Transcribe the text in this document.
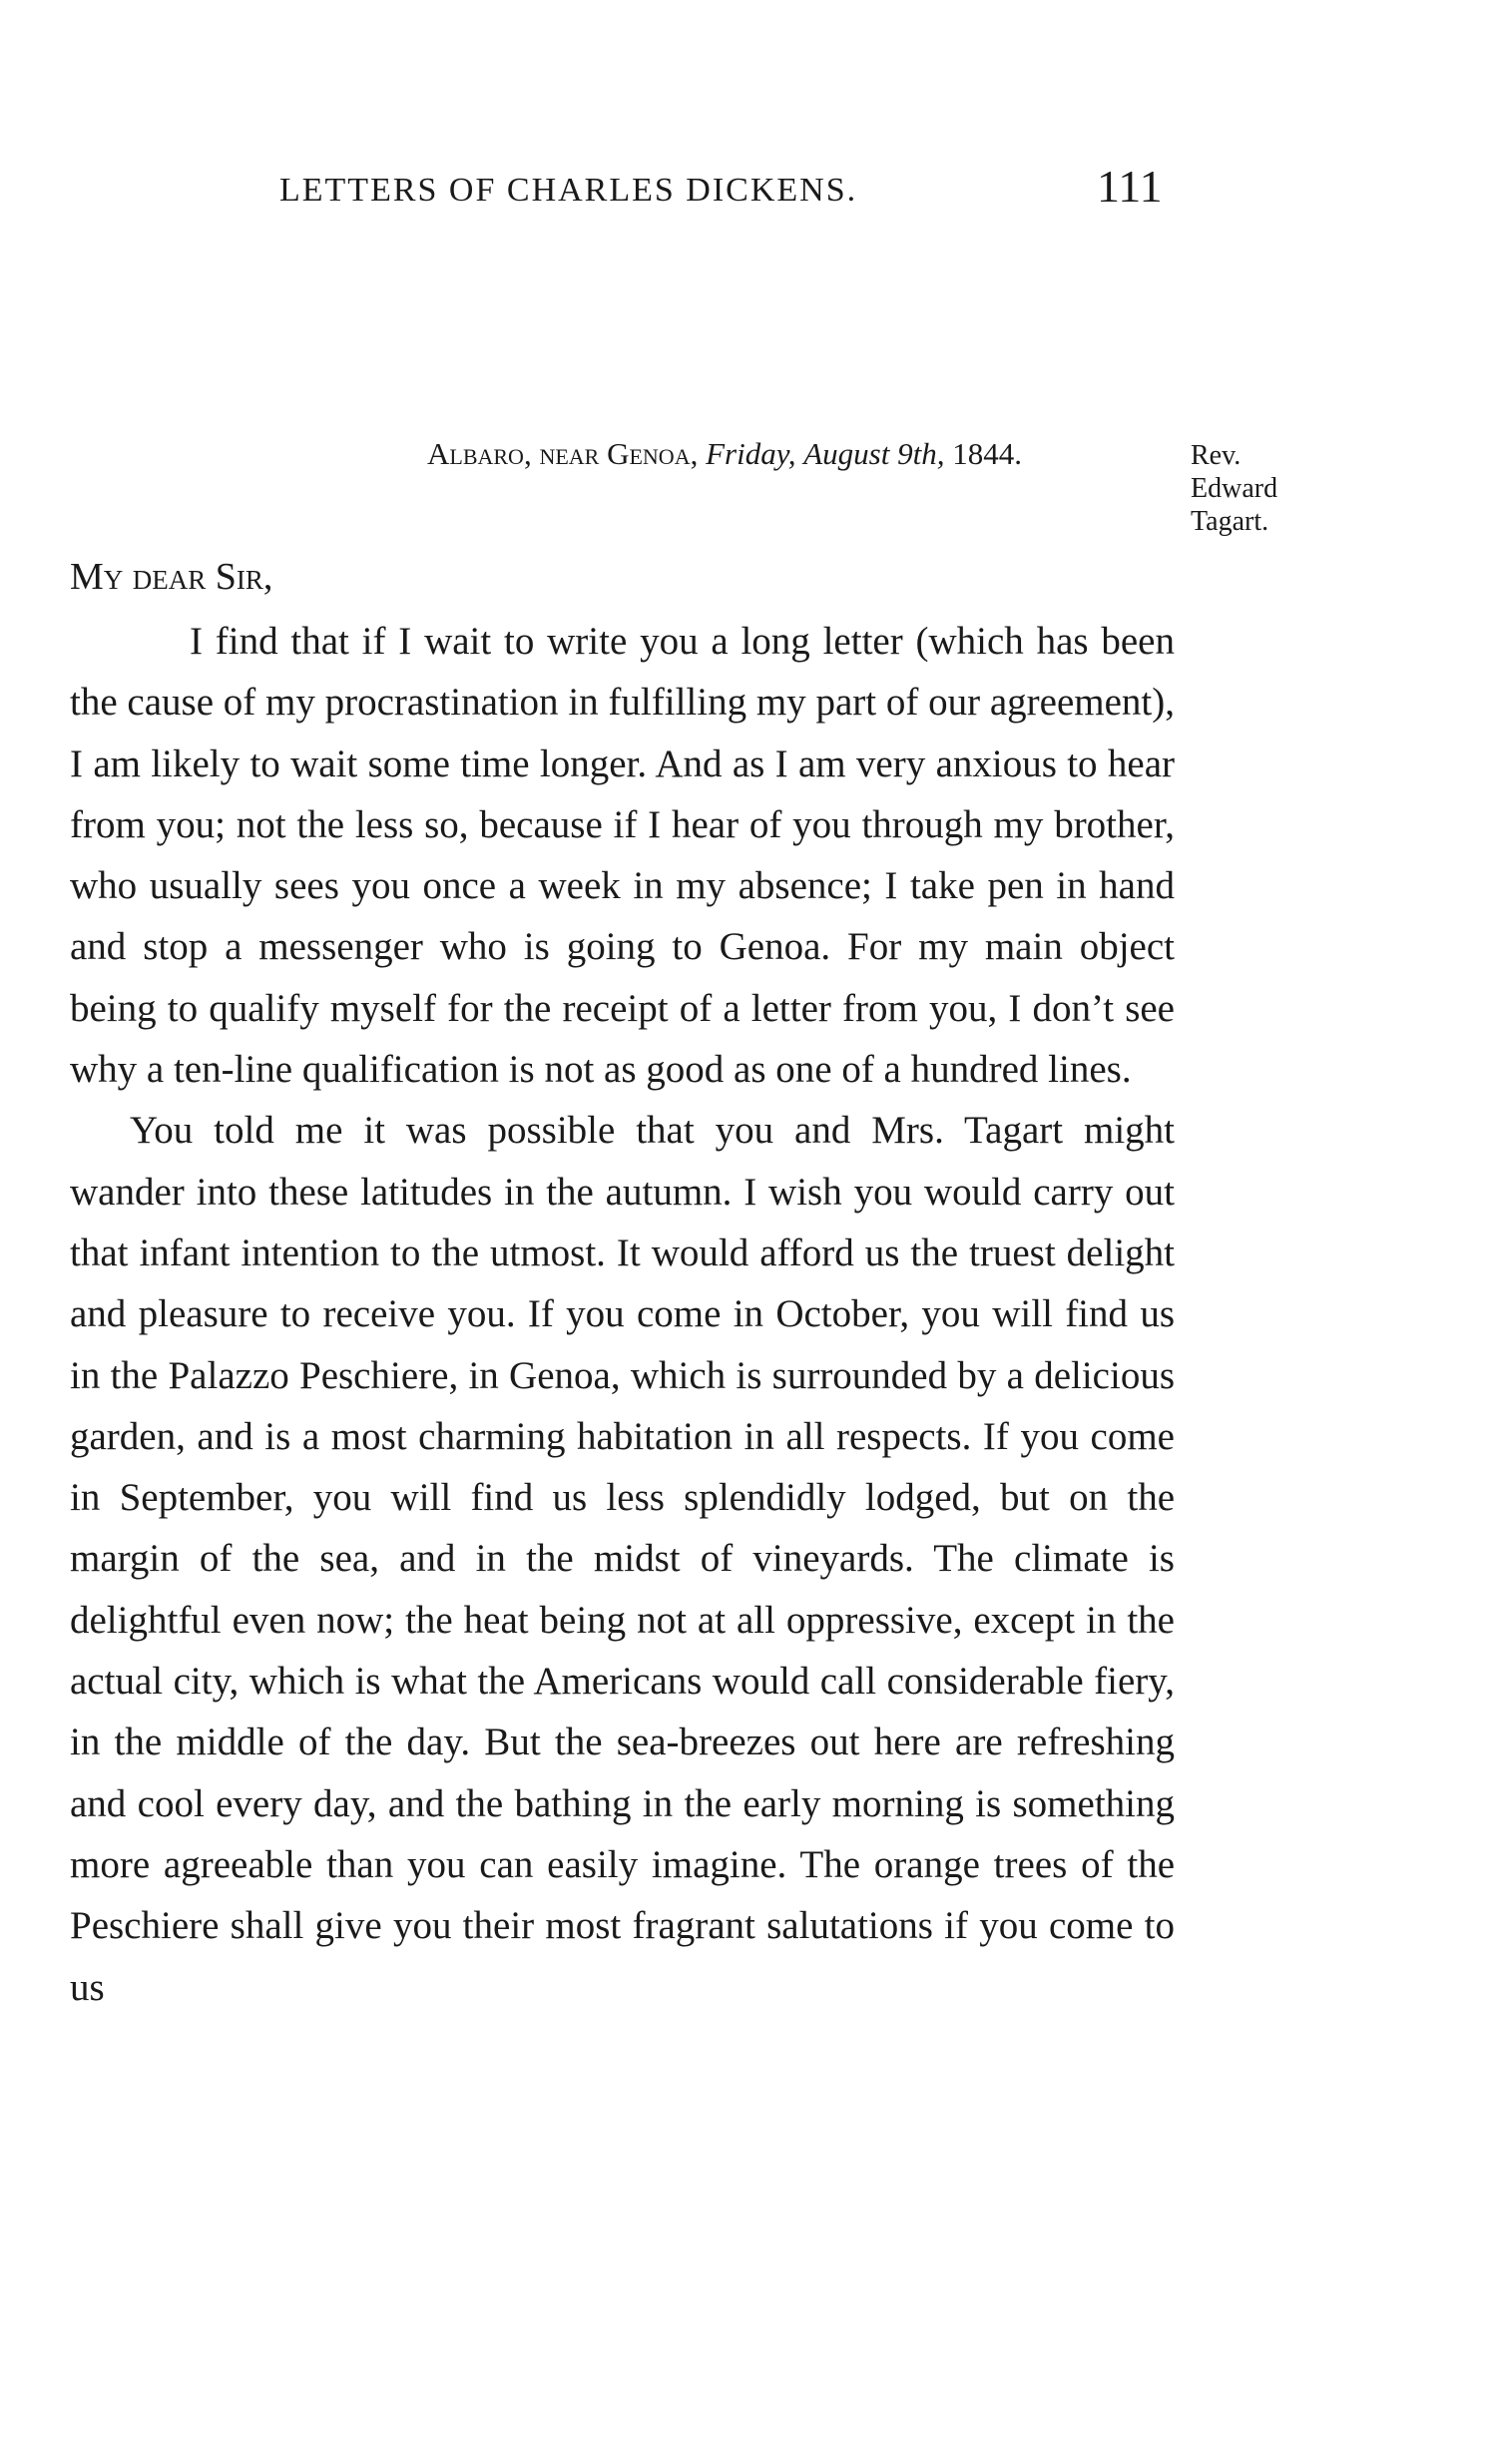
LETTERS OF CHARLES DICKENS.	111
Albaro, near Genoa, Friday, August 9th, 1844.	Rev.
Edward
Tagart.
My dear Sir,

I find that if I wait to write you a long letter (which has been the cause of my procrastination in fulfilling my part of our agreement), I am likely to wait some time longer. And as I am very anxious to hear from you; not the less so, because if I hear of you through my brother, who usually sees you once a week in my absence; I take pen in hand and stop a messenger who is going to Genoa. For my main object being to qualify myself for the receipt of a letter from you, I don’t see why a ten-line qualification is not as good as one of a hundred lines.

You told me it was possible that you and Mrs. Tagart might wander into these latitudes in the autumn. I wish you would carry out that infant intention to the utmost. It would afford us the truest delight and pleasure to receive you. If you come in October, you will find us in the Palazzo Peschiere, in Genoa, which is surrounded by a delicious garden, and is a most charming habitation in all respects. If you come in September, you will find us less splendidly lodged, but on the margin of the sea, and in the midst of vineyards. The climate is delightful even now; the heat being not at all oppressive, except in the actual city, which is what the Americans would call considerable fiery, in the middle of the day. But the sea-breezes out here are refreshing and cool every day, and the bathing in the early morning is something more agreeable than you can easily imagine. The orange trees of the Peschiere shall give you their most fragrant salutations if you come to us
